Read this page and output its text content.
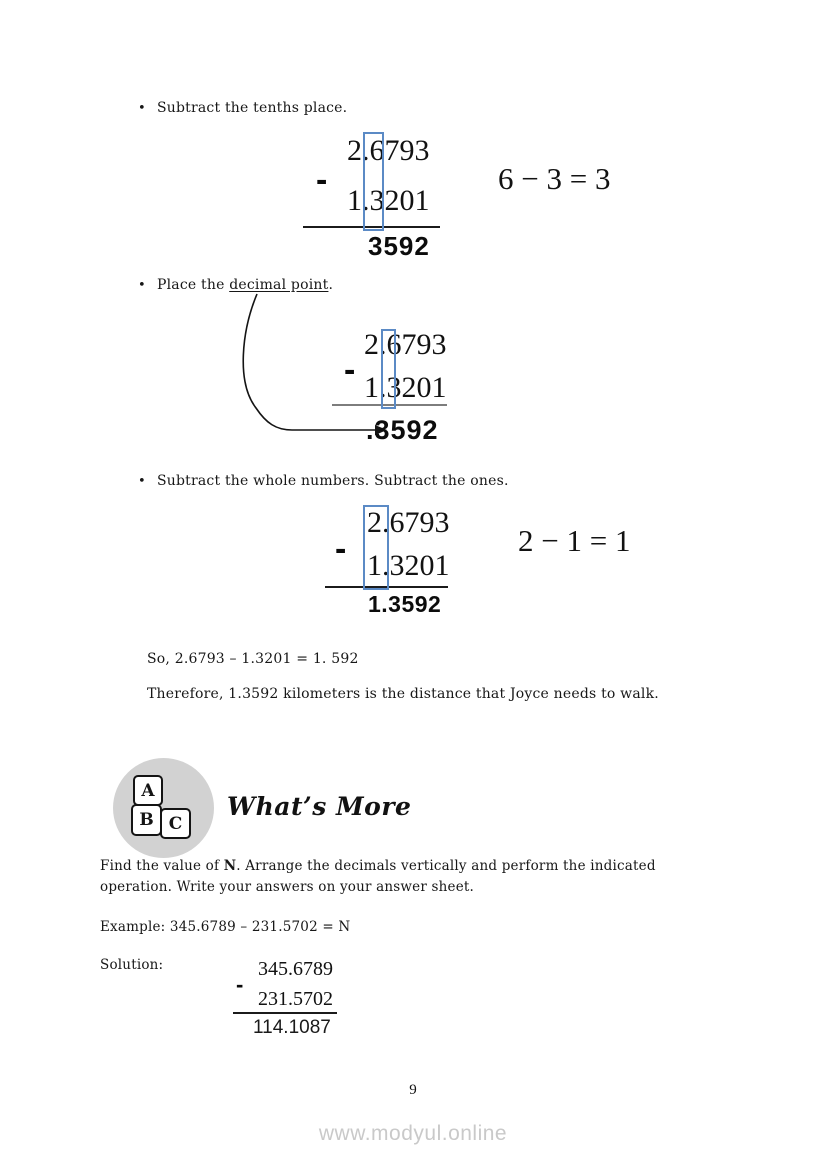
• Subtract the tenths place.
2.6793
-
1.3201
3592
6 − 3 = 3
• Place the decimal point.
2.6793
- 1.3201
.3592
• Subtract the whole numbers. Subtract the ones.
2.6793
- 1.3201
1.3592
2 − 1 = 1
So, 2.6793 – 1.3201 = 1. 592
Therefore, 1.3592 kilometers is the distance that Joyce needs to walk.
A
B C
What’s More
Find the value of N. Arrange the decimals vertically and perform the indicated
operation. Write your answers on your answer sheet.
Example: 345.6789 – 231.5702 = N
Solution:	345.6789
-
231.5702
114.1087
9
www.modyul.online
